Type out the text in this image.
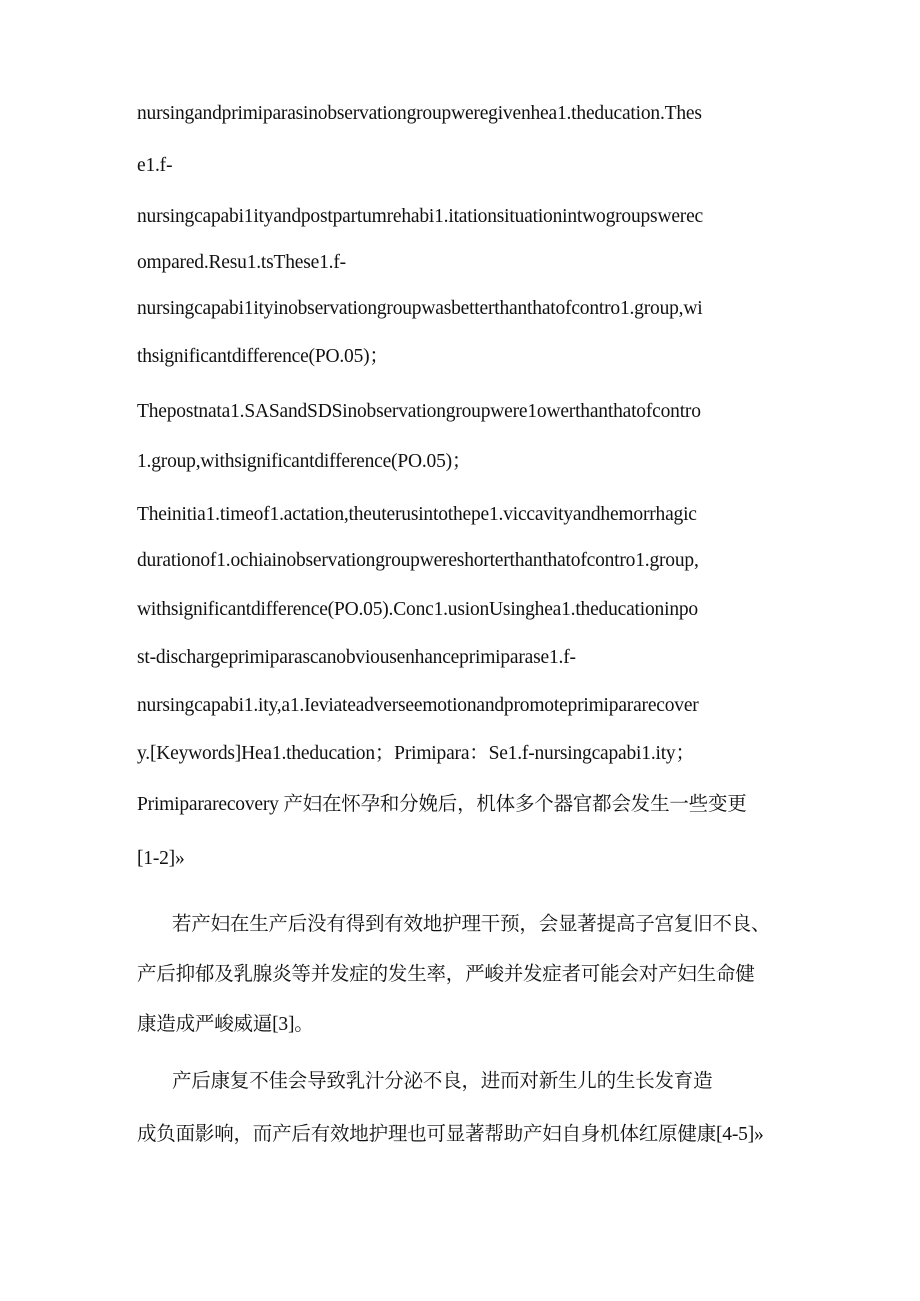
nursingandprimiparasinobservationgroupweregivenhea1.theducation.Thes
e1.f-
nursingcapabi1ityandpostpartumrehabi1.itationsituationintwogroupswerec
ompared.Resu1.tsThese1.f-
nursingcapabi1ityinobservationgroupwasbetterthanthatofcontro1.group,wi
thsignificantdifference(PO.05)；
Thepostnata1.SASandSDSinobservationgroupwere1owerthanthatofcontro
1.group,withsignificantdifference(PO.05)；
Theinitia1.timeof1.actation,theuterusintothepe1.viccavityandhemorrhagic
durationof1.ochiainobservationgroupwereshorterthanthatofcontro1.group,
withsignificantdifference(PO.05).Conc1.usionUsinghea1.theducationinpo
st-dischargeprimiparascanobviousenhanceprimiparase1.f-
nursingcapabi1.ity,a1.Ieviateadverseemotionandpromoteprimipararecover
y.[Keywords]Hea1.theducation；Primipara：Se1.f-nursingcapabi1.ity；
Primipararecovery 产妇在怀孕和分娩后，机体多个器官都会发生一些变更
[1-2]»
若产妇在生产后没有得到有效地护理干预，会显著提高子宫复旧不良、
产后抑郁及乳腺炎等并发症的发生率，严峻并发症者可能会对产妇生命健
康造成严峻威逼[3]。
产后康复不佳会导致乳汁分泌不良，进而对新生儿的生长发育造
成负面影响，而产后有效地护理也可显著帮助产妇自身机体红原健康[4-5]»
